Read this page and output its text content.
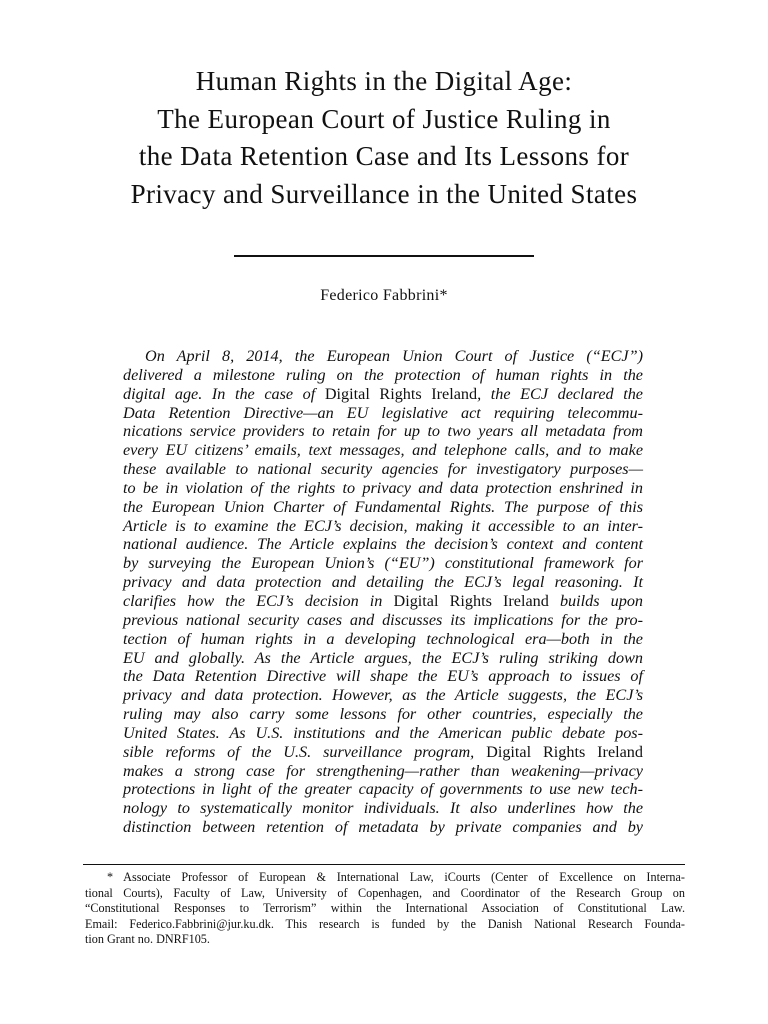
Human Rights in the Digital Age:
The European Court of Justice Ruling in
the Data Retention Case and Its Lessons for
Privacy and Surveillance in the United States
Federico Fabbrini*
On April 8, 2014, the European Union Court of Justice (“ECJ”)
delivered a milestone ruling on the protection of human rights in the
digital age. In the case of Digital Rights Ireland, the ECJ declared the
Data Retention Directive—an EU legislative act requiring telecommu-
nications service providers to retain for up to two years all metadata from
every EU citizens’ emails, text messages, and telephone calls, and to make
these available to national security agencies for investigatory purposes—
to be in violation of the rights to privacy and data protection enshrined in
the European Union Charter of Fundamental Rights. The purpose of this
Article is to examine the ECJ’s decision, making it accessible to an inter-
national audience. The Article explains the decision’s context and content
by surveying the European Union’s (“EU”) constitutional framework for
privacy and data protection and detailing the ECJ’s legal reasoning. It
clarifies how the ECJ’s decision in Digital Rights Ireland builds upon
previous national security cases and discusses its implications for the pro-
tection of human rights in a developing technological era—both in the
EU and globally. As the Article argues, the ECJ’s ruling striking down
the Data Retention Directive will shape the EU’s approach to issues of
privacy and data protection. However, as the Article suggests, the ECJ’s
ruling may also carry some lessons for other countries, especially the
United States. As U.S. institutions and the American public debate pos-
sible reforms of the U.S. surveillance program, Digital Rights Ireland
makes a strong case for strengthening—rather than weakening—privacy
protections in light of the greater capacity of governments to use new tech-
nology to systematically monitor individuals. It also underlines how the
distinction between retention of metadata by private companies and by
* Associate Professor of European & International Law, iCourts (Center of Excellence on Interna-
tional Courts), Faculty of Law, University of Copenhagen, and Coordinator of the Research Group on
“Constitutional Responses to Terrorism” within the International Association of Constitutional Law.
Email: Federico.Fabbrini@jur.ku.dk. This research is funded by the Danish National Research Founda-
tion Grant no. DNRF105.
